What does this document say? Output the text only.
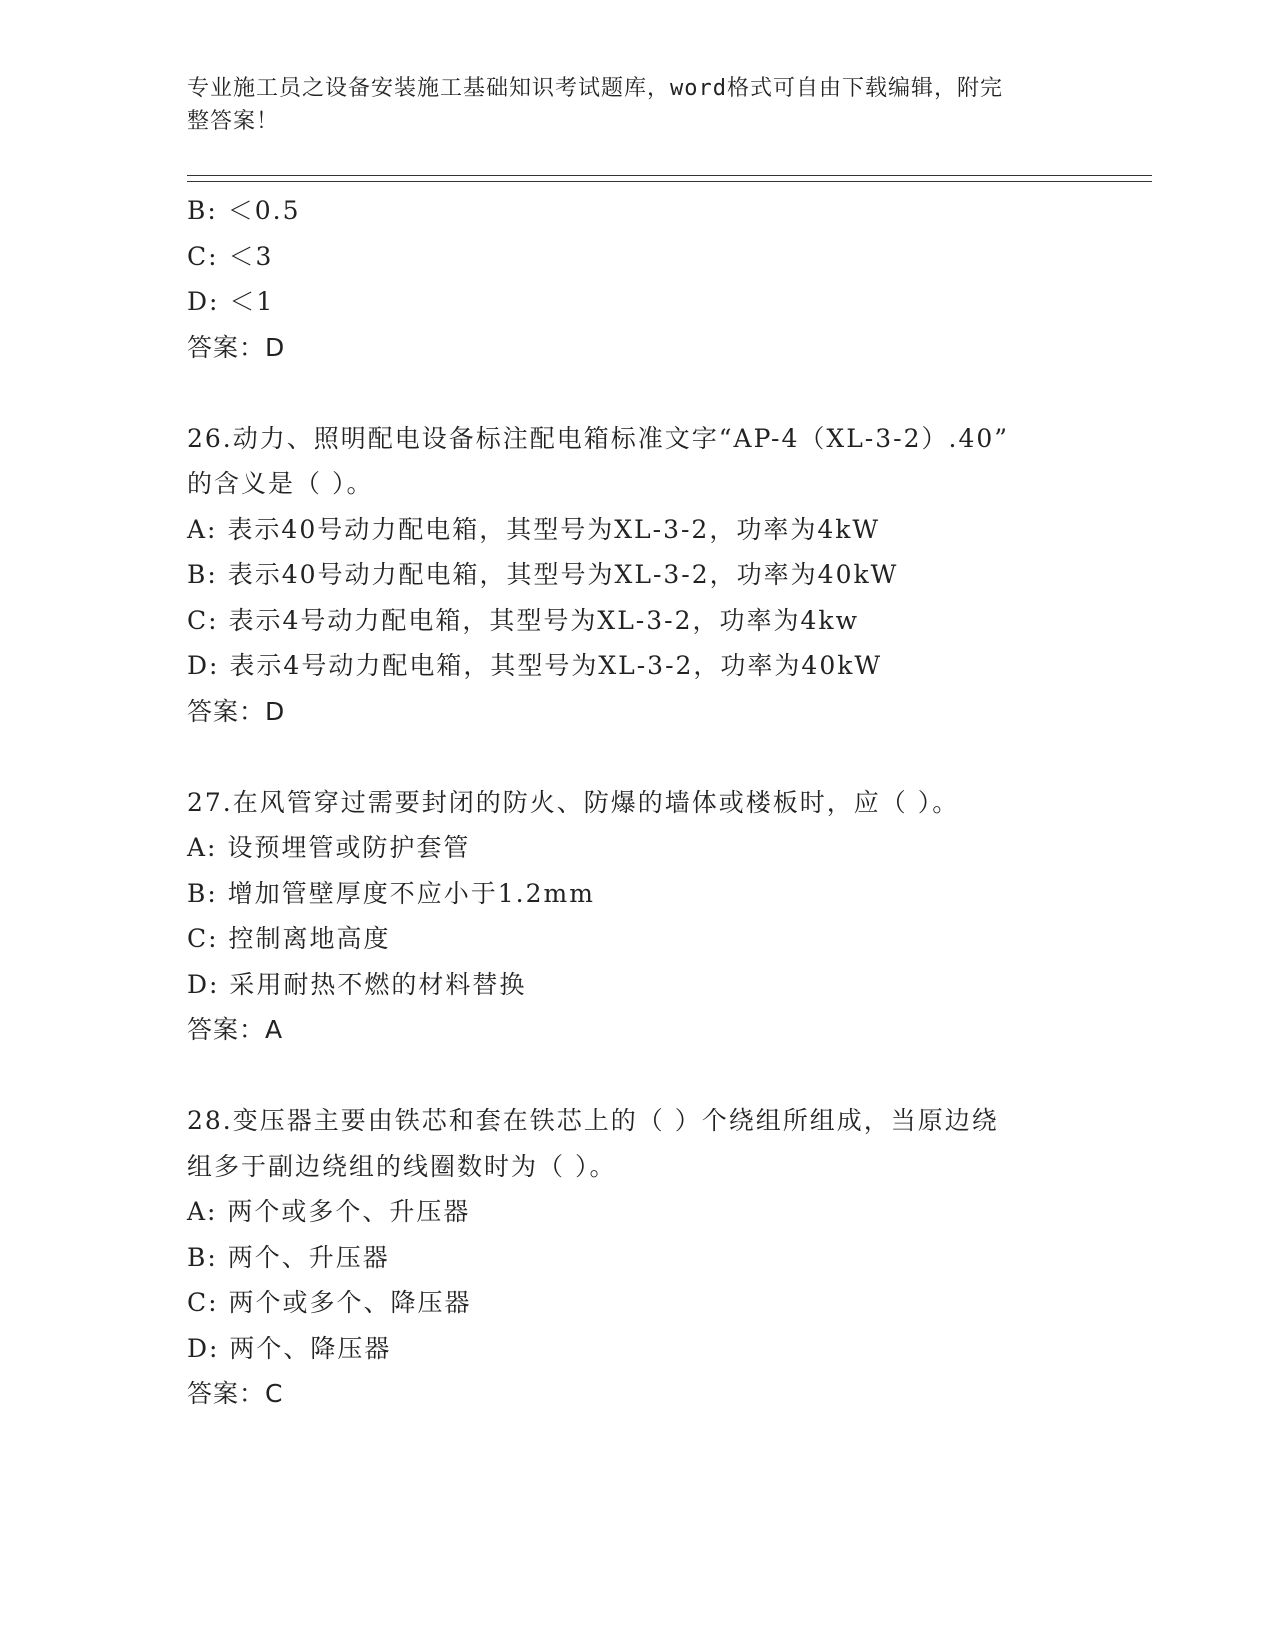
专业施工员之设备安装施工基础知识考试题库，word格式可自由下载编辑，附完
整答案！
B: ＜0.5
C: ＜3
D: ＜1
答案：D
26.动力、照明配电设备标注配电箱标准文字“AP-4（XL-3-2）.40”
的含义是（ ）。
A: 表示40号动力配电箱，其型号为XL-3-2，功率为4kW
B: 表示40号动力配电箱，其型号为XL-3-2，功率为40kW
C: 表示4号动力配电箱，其型号为XL-3-2，功率为4kw
D: 表示4号动力配电箱，其型号为XL-3-2，功率为40kW
答案：D
27.在风管穿过需要封闭的防火、防爆的墙体或楼板时，应（ ）。
A: 设预埋管或防护套管
B: 增加管壁厚度不应小于1.2mm
C: 控制离地高度
D: 采用耐热不燃的材料替换
答案：A
28.变压器主要由铁芯和套在铁芯上的（ ）个绕组所组成，当原边绕
组多于副边绕组的线圈数时为（ ）。
A: 两个或多个、升压器
B: 两个、升压器
C: 两个或多个、降压器
D: 两个、降压器
答案：C
